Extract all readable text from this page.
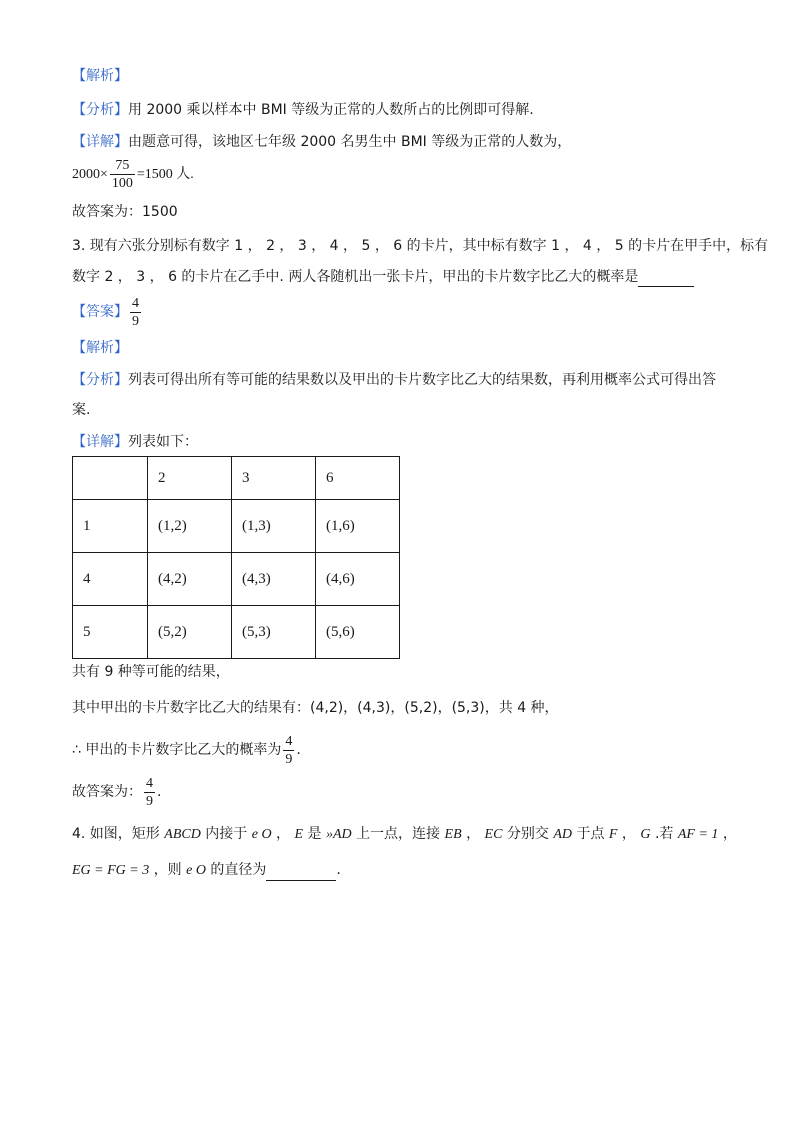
【解析】
【分析】用 2000 乘以样本中 BMI 等级为正常的人数所占的比例即可得解.
【详解】由题意可得，该地区七年级 2000 名男生中 BMI 等级为正常的人数为，
$2000\times \frac{75}{100} =1500$ 人.
故答案为：1500
3. 现有六张分别标有数字 1 ， 2 ， 3 ， 4 ， 5 ， 6 的卡片，其中标有数字 1 ， 4 ， 5 的卡片在甲手中，标有
数字 2 ， 3 ， 6 的卡片在乙手中. 两人各随机出一张卡片，甲出的卡片数字比乙大的概率是
【答案】 $\frac{4}{9}$
【解析】
【分析】列表可得出所有等可能的结果数以及甲出的卡片数字比乙大的结果数，再利用概率公式可得出答
案.
【详解】列表如下：
	2	3	6
1	(1,2)	(1,3)	(1,6)
4	(4,2)	(4,3)	(4,6)
5	(5,2)	(5,3)	(5,6)
共有 9 种等可能的结果，
其中甲出的卡片数字比乙大的结果有：(4,2)，(4,3)，(5,2)，(5,3)，共 4 种，
∴ 甲出的卡片数字比乙大的概率为 $\frac{4}{9}$ .
故答案为： $\frac{4}{9}$ .
4. 如图，矩形 ABCD 内接于 e O ， E 是 »AD 上一点，连接 EB ， EC 分别交 AD 于点 F ， G .若 AF = 1 ，
EG = FG = 3 ，则 e O 的直径为	.
